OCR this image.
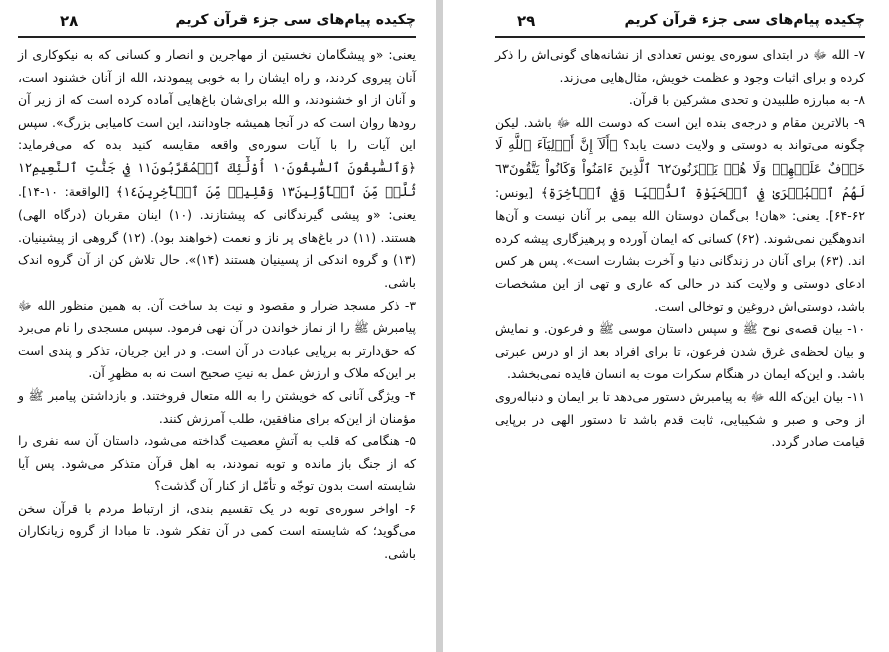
چکیده پیام‌های سی جزء قرآن کریم
۲۸

یعنی: «و پیشگامان نخستین از مهاجرین و انصار و کسانی که به نیکوکاری از آنان پیروی کردند، و راه ایشان را به خوبی پیمودند، الله از آنان خشنود است، و آنان از او خشنودند، و الله برای‌شان باغ‌هایی آماده کرده است که از زیر آن رودها روان است که در آنجا همیشه جاودانند، این است کامیابی بزرگ». سپس این آیات را با آیات سوره‌ی واقعه مقایسه کنید بده که می‌فرماید: ﴿وَٱلسَّٰبِقُونَ ٱلسَّٰبِقُونَ⁠١٠ أُوْلَٰٓئِكَ ٱلۡمُقَرَّبُونَ⁠١١ فِي جَنَّٰتِ ٱلنَّعِيمِ⁠١٢ ثُلَّةٞ مِّنَ ٱلۡأَوَّلِينَ⁠١٣ وَقَلِيلٞ مِّنَ ٱلۡأٓخِرِينَ⁠١٤﴾ [الواقعة: ۱۰-۱۴]. یعنی: «و پیشی گیرندگانی که پیشتازند. (۱۰) اینان مقربان (درگاه الهی) هستند. (۱۱) در باغ‌های پر ناز و نعمت (خواهند بود). (۱۲) گروهی از پیشینیان. (۱۳) و گروه اندکی از پسینیان هستند (۱۴)». حال تلاش کن از آن گروه اندک باشی.

۳- ذکر مسجد ضرار و مقصود و نیت بد ساخت آن. به همین منظور الله ﷻ پیامبرش ﷺ را از نماز خواندن در آن نهی فرمود. سپس مسجدی را نام می‌برد که حق‌دارتر به برپایی عبادت در آن است. و در این جریان، تذکر و پندی است بر این‌که ملاک و ارزش عمل به نیتِ صحیح است نه به مظهرِ آن.

۴- ویژگی آنانی که خویشتن را به الله متعال فروختند. و بازداشتن پیامبر ﷺ و مؤمنان از این‌که برای منافقین، طلب آمرزش کنند.

۵- هنگامی که قلب به آتشِ معصیت گداخته می‌شود، داستان آن سه نفری را که از جنگ باز مانده و توبه نمودند، به اهل قرآن متذکر می‌شود. پس آیا شایسته است بدون توجّه و تأمّل از کنار آن گذشت؟

۶- اواخر سوره‌ی توبه در یک تقسیم بندی، از ارتباط مردم با قرآن سخن می‌گوید؛ که شایسته است کمی در آن تفکر شود. تا مبادا از گروه زیانکاران باشی.

چکیده پیام‌های سی جزء قرآن کریم
۲۹

۷- الله ﷻ در ابتدای سوره‌ی یونس تعدادی از نشانه‌های گونی‌اش را ذکر کرده و برای اثبات وجود و عظمت خویش، مثال‌هایی می‌زند.

۸- به مبارزه طلبیدن و تحدی مشرکین با قرآن.

۹- بالاترین مقام و درجه‌ی بنده این است که دوست الله ﷻ باشد. لیکن چگونه می‌تواند به دوستی و ولایت دست یابد؟ ﴿أَلَآ إِنَّ أَوۡلِيَآءَ ٱللَّهِ لَا خَوۡفٌ عَلَيۡهِمۡ وَلَا هُمۡ يَحۡزَنُونَ⁠٦٢ ٱلَّذِينَ ءَامَنُواْ وَكَانُواْ يَتَّقُونَ⁠٦٣ لَهُمُ ٱلۡبُشۡرَىٰ فِي ٱلۡحَيَوٰةِ ٱلدُّنۡيَا وَفِي ٱلۡأٓخِرَةِ﴾ [یونس: ۶۲-۶۴]. یعنی: «هان! بی‌گمان دوستان الله بیمی بر آنان نیست و آن‌ها اندوهگین نمی‌شوند. (۶۲) کسانی که ایمان آورده و پرهیزگاری پیشه کرده اند. (۶۳) برای آنان در زندگانی دنیا و آخرت بشارت است». پس هر کس ادعای دوستی و ولایت کند در حالی که عاری و تهی از این مشخصات باشد، دوستی‌اش دروغین و توخالی است.

۱۰- بیان قصه‌ی نوح ﷺ و سپس داستان موسی ﷺ و فرعون. و نمایش و بیان لحظه‌ی غرق شدن فرعون، تا برای افراد بعد از او درس عبرتی باشد. و این‌که ایمان در هنگام سکرات موت به انسان فایده نمی‌بخشد.

۱۱- بیان این‌که الله ﷻ به پیامبرش دستور می‌دهد تا بر ایمان و دنباله‌روی از وحی و صبر و شکیبایی، ثابت قدم باشد تا دستور الهی در برپایی قیامت صادر گردد.
